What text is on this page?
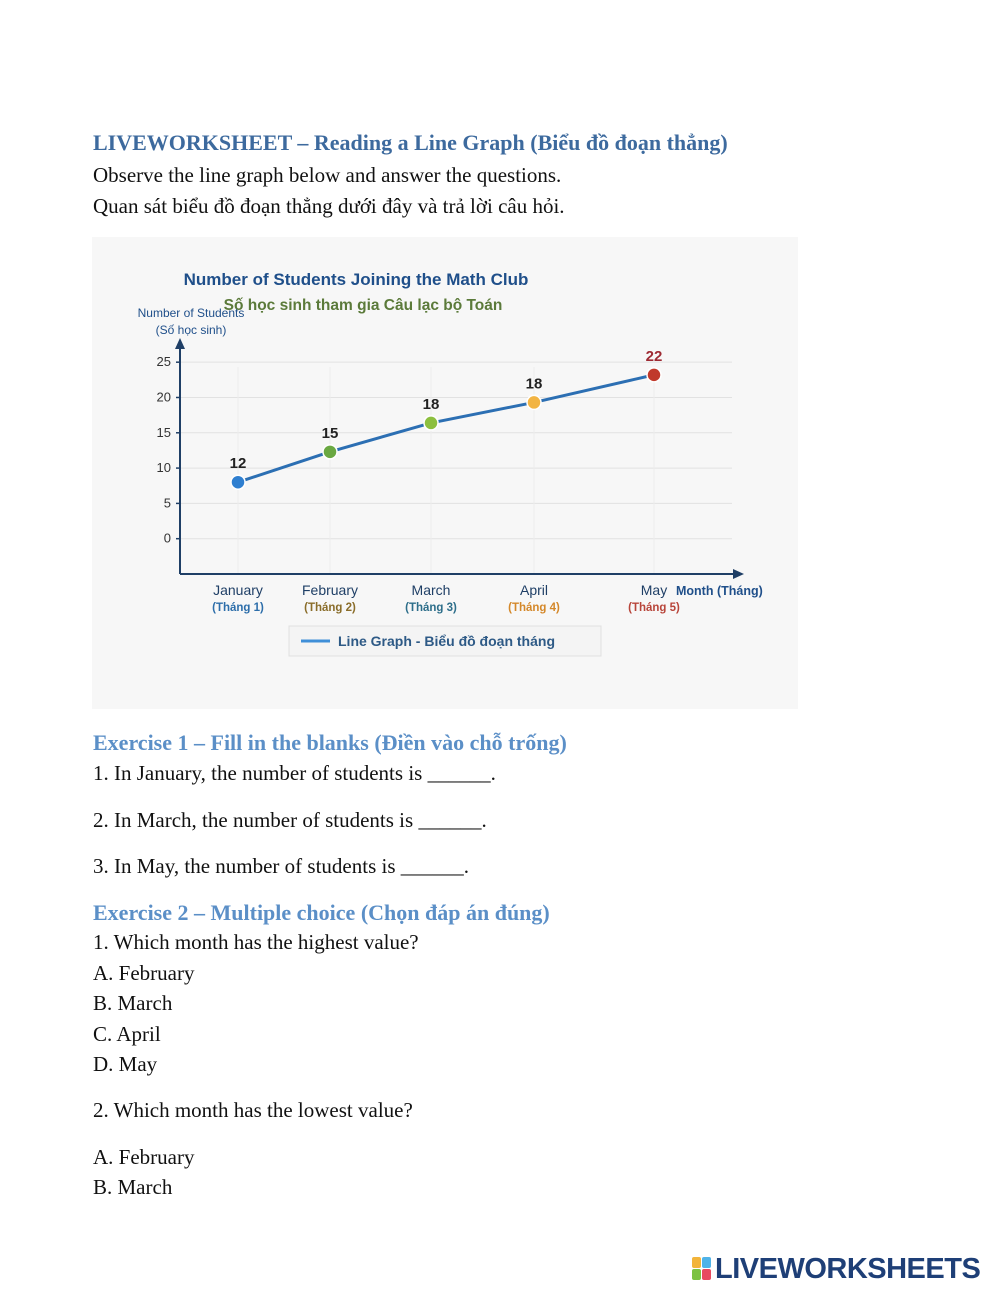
LIVEWORKSHEET – Reading a Line Graph (Biểu đồ đoạn thẳng)

Observe the line graph below and answer the questions.

Quan sát biểu đồ đoạn thẳng dưới đây và trả lời câu hỏi.

Number of Students Joining the Math Club
Số học sinh tham gia Câu lạc bộ Toán
Number of Students
(Số học sinh)
25
20
15
10
5
0
12
15
18
18
22
January
(Tháng 1)
February
(Tháng 2)
March
(Tháng 3)
April
(Tháng 4)
May
(Tháng 5)
Month (Tháng)
Line Graph - Biểu đồ đoạn tháng
Exercise 1 – Fill in the blanks (Điền vào chỗ trống)

1. In January, the number of students is ______.

2. In March, the number of students is ______.

3. In May, the number of students is ______.

Exercise 2 – Multiple choice (Chọn đáp án đúng)

1. Which month has the highest value?

A. February

B. March

C. April

D. May

2. Which month has the lowest value?

A. February

B. March

LIVEWORKSHEETS
